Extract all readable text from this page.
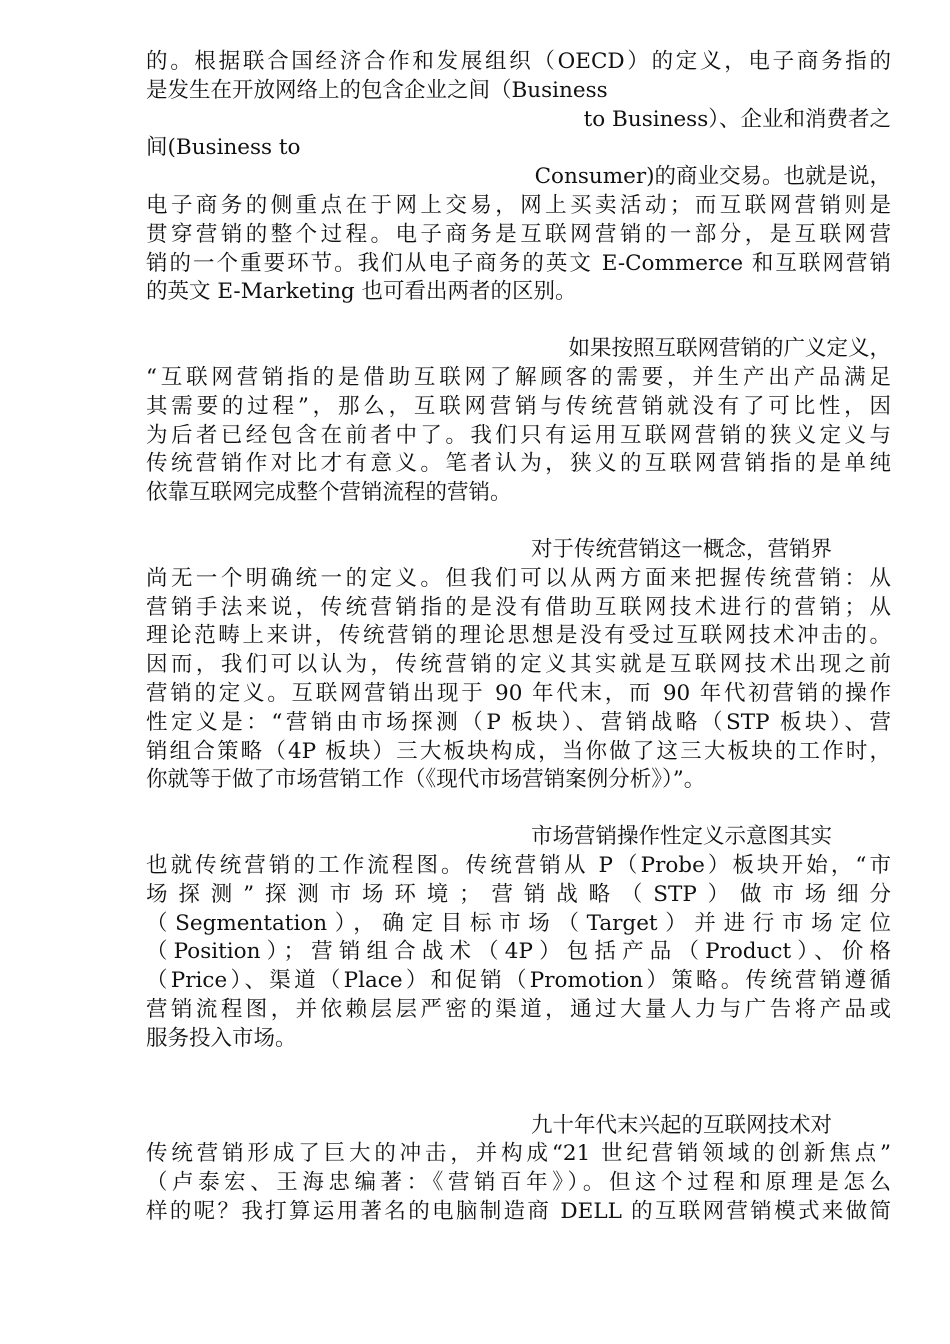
的。根据联合国经济合作和发展组织（OECD）的定义，电子商务指的
是发生在开放网络上的包含企业之间（Business
to Business）、企业和消费者之
间(Business to
Consumer)的商业交易。也就是说，
电子商务的侧重点在于网上交易，网上买卖活动；而互联网营销则是
贯穿营销的整个过程。电子商务是互联网营销的一部分，是互联网营
销的一个重要环节。我们从电子商务的英文 E-Commerce 和互联网营销
的英文 E-Marketing 也可看出两者的区别。
如果按照互联网营销的广义定义，
“互联网营销指的是借助互联网了解顾客的需要，并生产出产品满足
其需要的过程”，那么，互联网营销与传统营销就没有了可比性，因
为后者已经包含在前者中了。我们只有运用互联网营销的狭义定义与
传统营销作对比才有意义。笔者认为，狭义的互联网营销指的是单纯
依靠互联网完成整个营销流程的营销。
对于传统营销这一概念，营销界
尚无一个明确统一的定义。但我们可以从两方面来把握传统营销：从
营销手法来说，传统营销指的是没有借助互联网技术进行的营销；从
理论范畴上来讲，传统营销的理论思想是没有受过互联网技术冲击的。
因而，我们可以认为，传统营销的定义其实就是互联网技术出现之前
营销的定义。互联网营销出现于 90 年代末，而 90 年代初营销的操作
性定义是：“营销由市场探测（P 板块）、营销战略（STP 板块）、营
销组合策略（4P 板块）三大板块构成，当你做了这三大板块的工作时，
你就等于做了市场营销工作（《现代市场营销案例分析》）”。
市场营销操作性定义示意图其实
也就传统营销的工作流程图。传统营销从 P（Probe）板块开始，“市
场探测”探测市场环境；营销战略（STP）做市场细分
（Segmentation），确定目标市场（Target）并进行市场定位
（Position）；营销组合战术（4P）包括产品（Product）、价格
（Price）、渠道（Place）和促销（Promotion）策略。传统营销遵循
营销流程图，并依赖层层严密的渠道，通过大量人力与广告将产品或
服务投入市场。
九十年代末兴起的互联网技术对
传统营销形成了巨大的冲击，并构成“21 世纪营销领域的创新焦点”
（卢泰宏、王海忠编著：《营销百年》）。但这个过程和原理是怎么
样的呢？我打算运用著名的电脑制造商 DELL 的互联网营销模式来做简
